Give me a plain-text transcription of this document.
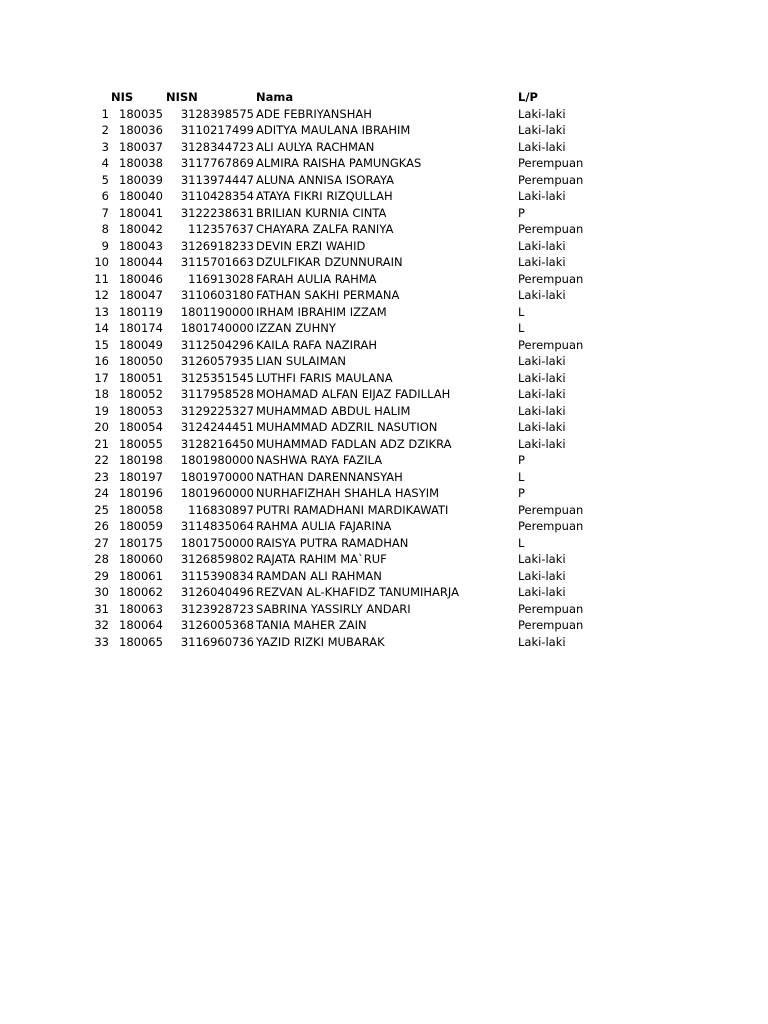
NIS	NISN	Nama	L/P
1 180035 3128398575 ADE FEBRIYANSHAH	Laki-laki
2 180036 3110217499 ADITYA MAULANA IBRAHIM	Laki-laki
3 180037 3128344723 ALI AULYA RACHMAN	Laki-laki
4 180038 3117767869 ALMIRA RAISHA PAMUNGKAS	Perempuan
5 180039 3113974447 ALUNA ANNISA ISORAYA	Perempuan
6 180040 3110428354 ATAYA FIKRI RIZQULLAH	Laki-laki
7 180041 3122238631 BRILIAN KURNIA CINTA	P
8 180042	112357637 CHAYARA ZALFA RANIYA	Perempuan
9 180043 3126918233 DEVIN ERZI WAHID	Laki-laki
10 180044 3115701663 DZULFIKAR DZUNNURAIN	Laki-laki
11 180046	116913028 FARAH AULIA RAHMA	Perempuan
12 180047 3110603180 FATHAN SAKHI PERMANA	Laki-laki
13 180119 1801190000 IRHAM IBRAHIM IZZAM	L
14 180174 1801740000 IZZAN ZUHNY	L
15 180049 3112504296 KAILA RAFA NAZIRAH	Perempuan
16 180050 3126057935 LIAN SULAIMAN	Laki-laki
17 180051 3125351545 LUTHFI FARIS MAULANA	Laki-laki
18 180052 3117958528 MOHAMAD ALFAN EIJAZ FADILLAH	Laki-laki
19 180053 3129225327 MUHAMMAD ABDUL HALIM	Laki-laki
20 180054 3124244451 MUHAMMAD ADZRIL NASUTION	Laki-laki
21 180055 3128216450 MUHAMMAD FADLAN ADZ DZIKRA	Laki-laki
22 180198 1801980000 NASHWA RAYA FAZILA	P
23 180197 1801970000 NATHAN DARENNANSYAH	L
24 180196 1801960000 NURHAFIZHAH SHAHLA HASYIM	P
25 180058	116830897 PUTRI RAMADHANI MARDIKAWATI	Perempuan
26 180059 3114835064 RAHMA AULIA FAJARINA	Perempuan
27 180175 1801750000 RAISYA PUTRA RAMADHAN	L
28 180060 3126859802 RAJATA RAHIM MA`RUF	Laki-laki
29 180061 3115390834 RAMDAN ALI RAHMAN	Laki-laki
30 180062 3126040496 REZVAN AL-KHAFIDZ TANUMIHARJA	Laki-laki
31 180063 3123928723 SABRINA YASSIRLY ANDARI	Perempuan
32 180064 3126005368 TANIA MAHER ZAIN	Perempuan
33 180065 3116960736 YAZID RIZKI MUBARAK	Laki-laki
